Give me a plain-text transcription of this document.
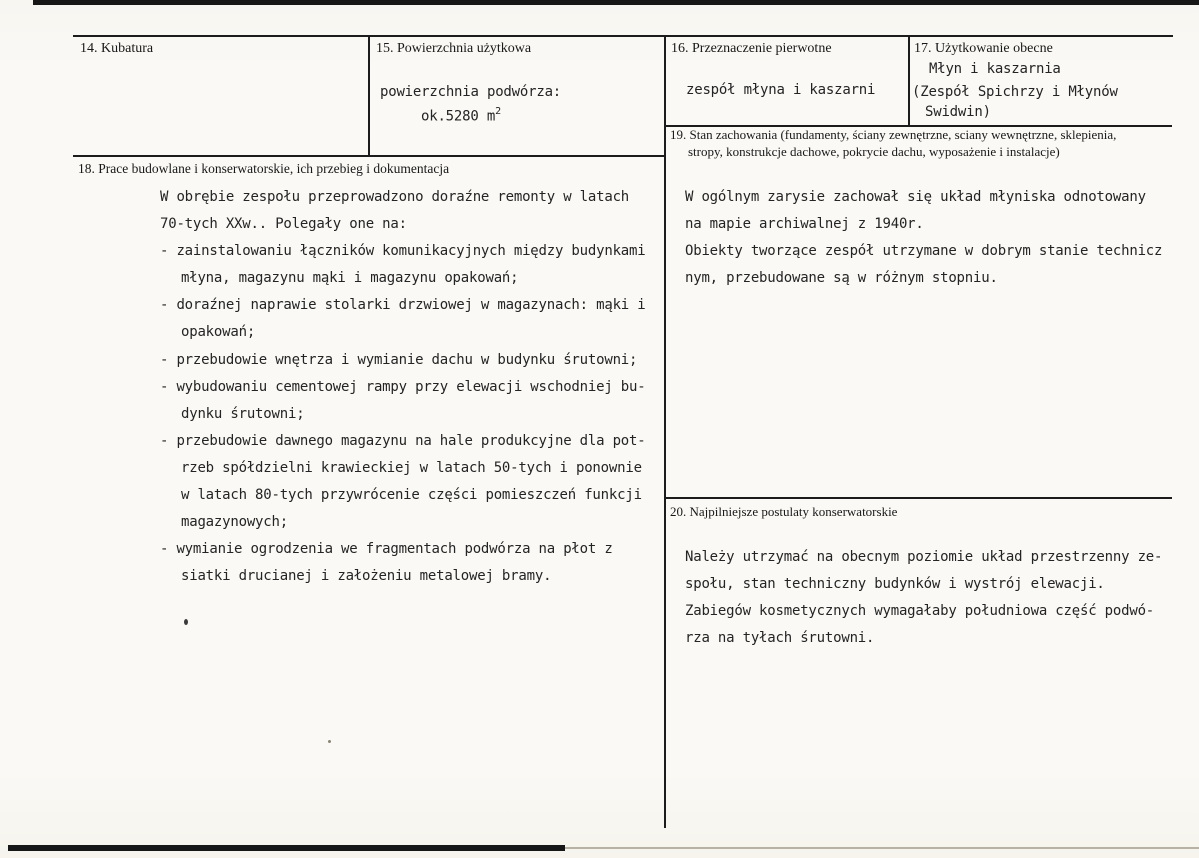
14. Kubatura	15. Powierzchnia użytkowa
powierzchnia podwórza:
ok.5280 $m^2$
16. Przeznaczenie pierwotne
zespół młyna i kaszarni
17. Użytkowanie obecne
Młyn i kaszarnia
(Zespół Spichrzy i Młynów
Swidwin)
18. Prace budowlane i konserwatorskie, ich przebieg i dokumentacja
W obrębie zespołu przeprowadzono doraźne remonty w latach
70-tych XXw.. Polegały one na:
- zainstalowaniu łączników komunikacyjnych między budynkami
młyna, magazynu mąki i magazynu opakowań;
- doraźnej naprawie stolarki drzwiowej w magazynach: mąki i
opakowań;
- przebudowie wnętrza i wymianie dachu w budynku śrutowni;
- wybudowaniu cementowej rampy przy elewacji wschodniej bu-
dynku śrutowni;
- przebudowie dawnego magazynu na hale produkcyjne dla pot-
rzeb spółdzielni krawieckiej w latach 50-tych i ponownie
w latach 80-tych przywrócenie części pomieszczeń funkcji
magazynowych;
- wymianie ogrodzenia we fragmentach podwórza na płot z
siatki drucianej i założeniu metalowej bramy.
19. Stan zachowania (fundamenty, ściany zewnętrzne, sciany wewnętrzne, sklepienia,
stropy, konstrukcje dachowe, pokrycie dachu, wyposażenie i instalacje)
W ogólnym zarysie zachował się układ młyniska odnotowany
na mapie archiwalnej z 1940r.
Obiekty tworzące zespół utrzymane w dobrym stanie technicz
nym, przebudowane są w różnym stopniu.
20. Najpilniejsze postulaty konserwatorskie
Należy utrzymać na obecnym poziomie układ przestrzenny ze-
społu, stan techniczny budynków i wystrój elewacji.
Zabiegów kosmetycznych wymagałaby południowa część podwó-
rza na tyłach śrutowni.
